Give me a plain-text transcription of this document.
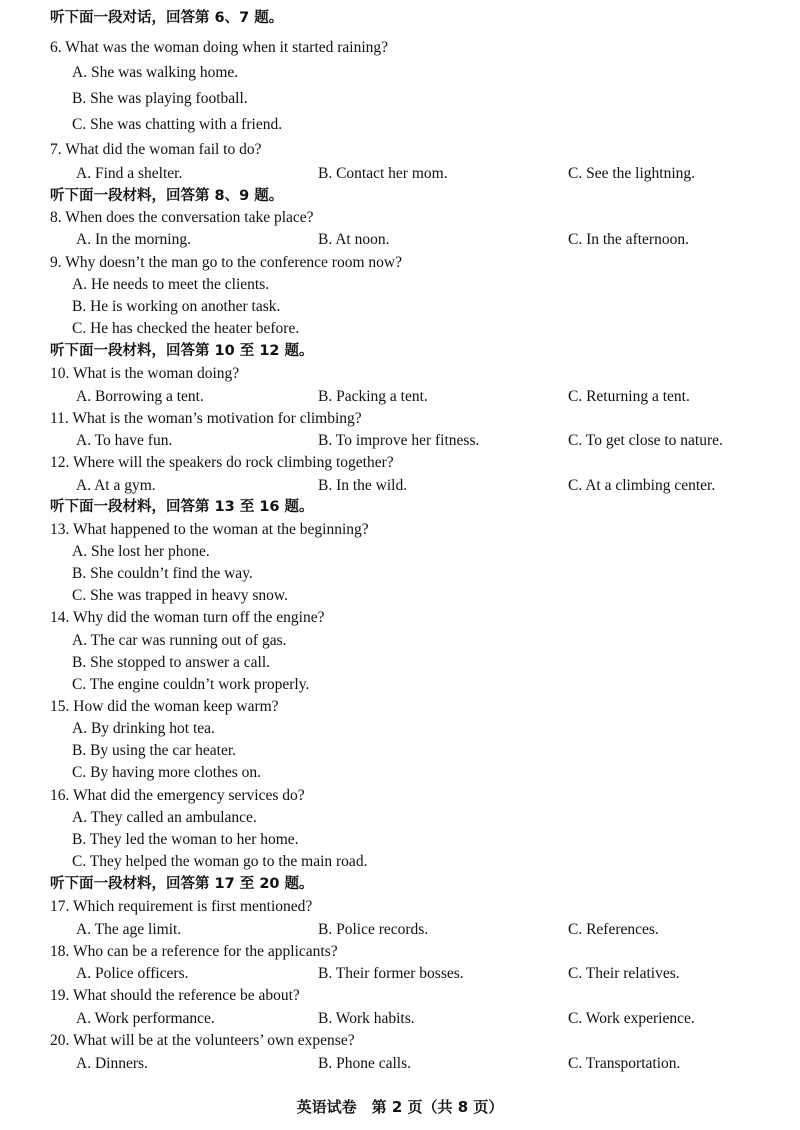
听下面一段对话，回答第 6、7 题。
6. What was the woman doing when it started raining?
A. She was walking home.
B. She was playing football.
C. She was chatting with a friend.
7. What did the woman fail to do?
A. Find a shelter.	B. Contact her mom.	C. See the lightning.
听下面一段材料，回答第 8、9 题。
8. When does the conversation take place?
A. In the morning.	B. At noon.	C. In the afternoon.
9. Why doesn’t the man go to the conference room now?
A. He needs to meet the clients.
B. He is working on another task.
C. He has checked the heater before.
听下面一段材料，回答第 10 至 12 题。
10. What is the woman doing?
A. Borrowing a tent.	B. Packing a tent.	C. Returning a tent.
11. What is the woman’s motivation for climbing?
A. To have fun.	B. To improve her fitness.	C. To get close to nature.
12. Where will the speakers do rock climbing together?
A. At a gym.	B. In the wild.	C. At a climbing center.
听下面一段材料，回答第 13 至 16 题。
13. What happened to the woman at the beginning?
A. She lost her phone.
B. She couldn’t find the way.
C. She was trapped in heavy snow.
14. Why did the woman turn off the engine?
A. The car was running out of gas.
B. She stopped to answer a call.
C. The engine couldn’t work properly.
15. How did the woman keep warm?
A. By drinking hot tea.
B. By using the car heater.
C. By having more clothes on.
16. What did the emergency services do?
A. They called an ambulance.
B. They led the woman to her home.
C. They helped the woman go to the main road.
听下面一段材料，回答第 17 至 20 题。
17. Which requirement is first mentioned?
A. The age limit.	B. Police records.	C. References.
18. Who can be a reference for the applicants?
A. Police officers.	B. Their former bosses.	C. Their relatives.
19. What should the reference be about?
A. Work performance.	B. Work habits.	C. Work experience.
20. What will be at the volunteers’ own expense?
A. Dinners.	B. Phone calls.	C. Transportation.
英语试卷　第 2 页（共 8 页）
